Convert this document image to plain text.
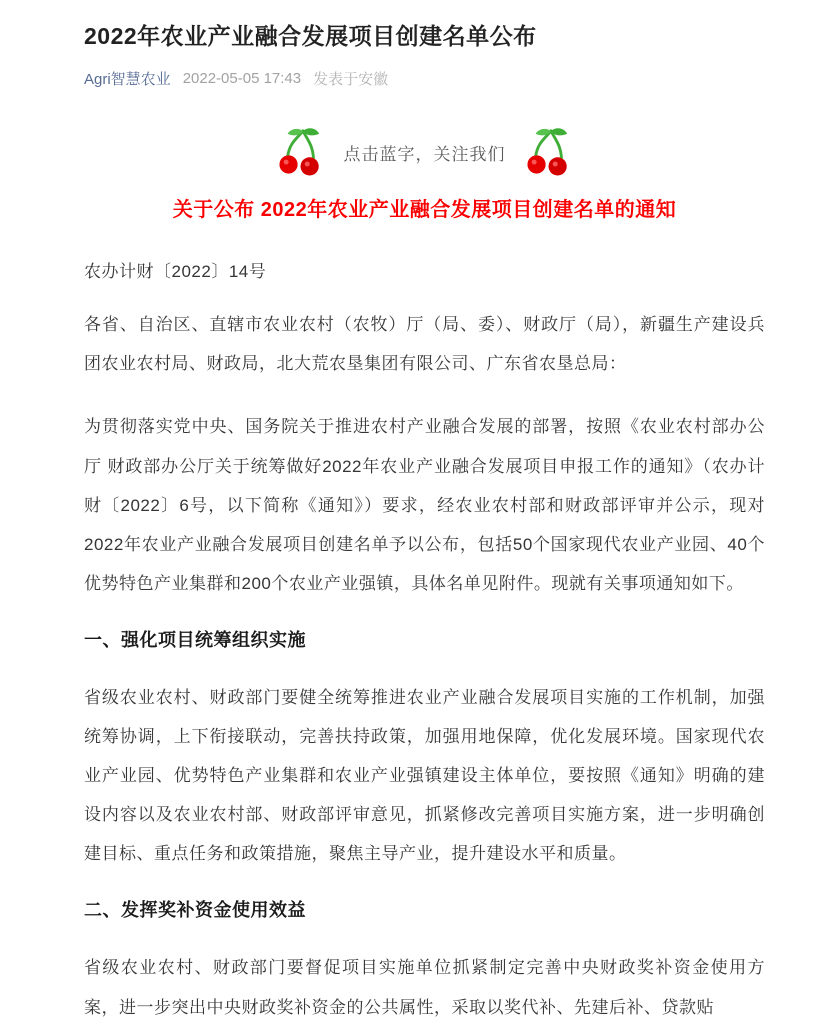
2022年农业产业融合发展项目创建名单公布
Agri智慧农业 2022-05-05 17:43 发表于安徽
点击蓝字，关注我们
关于公布 2022年农业产业融合发展项目创建名单的通知

农办计财〔2022〕14号

各省、自治区、直辖市农业农村（农牧）厅（局、委）、财政厅（局），新疆生产建设兵团农业农村局、财政局，北大荒农垦集团有限公司、广东省农垦总局：

为贯彻落实党中央、国务院关于推进农村产业融合发展的部署，按照《农业农村部办公厅 财政部办公厅关于统筹做好2022年农业产业融合发展项目申报工作的通知》（农办计财〔2022〕6号，以下简称《通知》）要求，经农业农村部和财政部评审并公示，现对2022年农业产业融合发展项目创建名单予以公布，包括50个国家现代农业产业园、40个优势特色产业集群和200个农业产业强镇，具体名单见附件。现就有关事项通知如下。

一、强化项目统筹组织实施

省级农业农村、财政部门要健全统筹推进农业产业融合发展项目实施的工作机制，加强统筹协调，上下衔接联动，完善扶持政策，加强用地保障，优化发展环境。国家现代农业产业园、优势特色产业集群和农业产业强镇建设主体单位，要按照《通知》明确的建设内容以及农业农村部、财政部评审意见，抓紧修改完善项目实施方案，进一步明确创建目标、重点任务和政策措施，聚焦主导产业，提升建设水平和质量。

二、发挥奖补资金使用效益

省级农业农村、财政部门要督促项目实施单位抓紧制定完善中央财政奖补资金使用方案，进一步突出中央财政奖补资金的公共属性，采取以奖代补、先建后补、贷款贴
